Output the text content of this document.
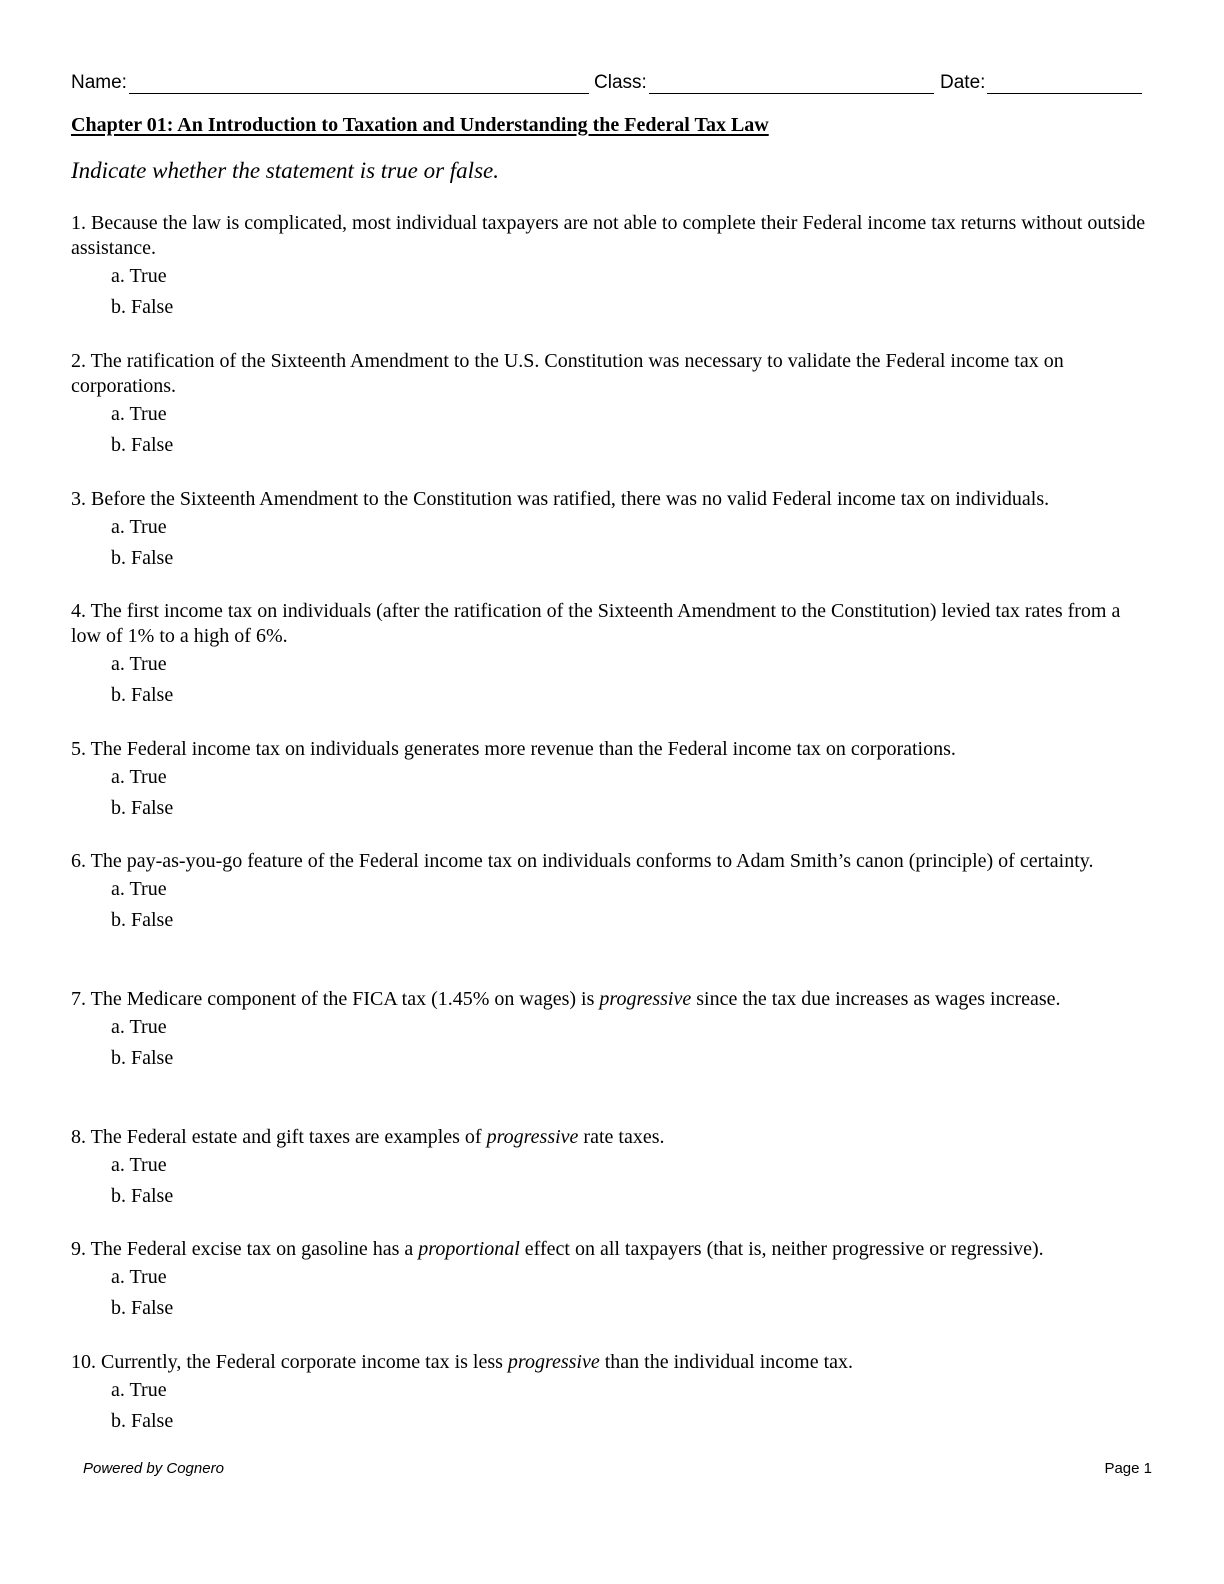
Name:	Class:	Date:
Chapter 01: An Introduction to Taxation and Understanding the Federal Tax Law
Indicate whether the statement is true or false.
1. Because the law is complicated, most individual taxpayers are not able to complete their Federal income tax returns without outside assistance.
a. True
b. False
2. The ratification of the Sixteenth Amendment to the U.S. Constitution was necessary to validate the Federal income tax on corporations.
a. True
b. False
3. Before the Sixteenth Amendment to the Constitution was ratified, there was no valid Federal income tax on individuals.
a. True
b. False
4. The first income tax on individuals (after the ratification of the Sixteenth Amendment to the Constitution) levied tax rates from a low of 1% to a high of 6%.
a. True
b. False
5. The Federal income tax on individuals generates more revenue than the Federal income tax on corporations.
a. True
b. False
6. The pay-as-you-go feature of the Federal income tax on individuals conforms to Adam Smith’s canon (principle) of certainty.
a. True
b. False
7. The Medicare component of the FICA tax (1.45% on wages) is progressive since the tax due increases as wages increase.
a. True
b. False
8. The Federal estate and gift taxes are examples of progressive rate taxes.
a. True
b. False
9. The Federal excise tax on gasoline has a proportional effect on all taxpayers (that is, neither progressive or regressive).
a. True
b. False
10. Currently, the Federal corporate income tax is less progressive than the individual income tax.
a. True
b. False
Powered by Cognero	Page 1
